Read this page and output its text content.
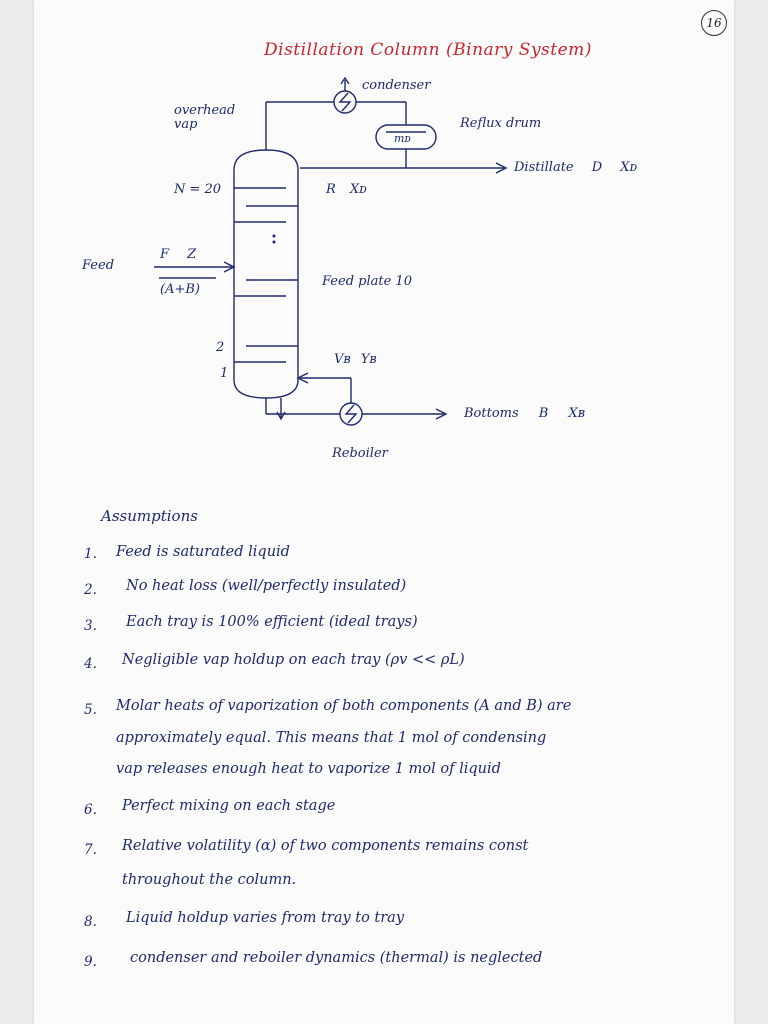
16
Distillation Column (Binary System)

condenser
overhead vap	Reflux drum
mᴅ
Distillate D Xᴅ
N = 20	R Xᴅ
Feed
F Z
(A+B)
Feed plate 10
2
1
Vʙ Yʙ
Bottoms B Xʙ
Reboiler
Assumptions
1. Feed is saturated liquid
2. No heat loss (well/perfectly insulated)
3. Each tray is 100% efficient (ideal trays)
4. Negligible vap holdup on each tray (ρv << ρL)
5. Molar heats of vaporization of both components (A and B) are
approximately equal. This means that 1 mol of condensing
vap releases enough heat to vaporize 1 mol of liquid
6. Perfect mixing on each stage
7. Relative volatility (α) of two components remains const
throughout the column.
8. Liquid holdup varies from tray to tray
9. condenser and reboiler dynamics (thermal) is neglected
